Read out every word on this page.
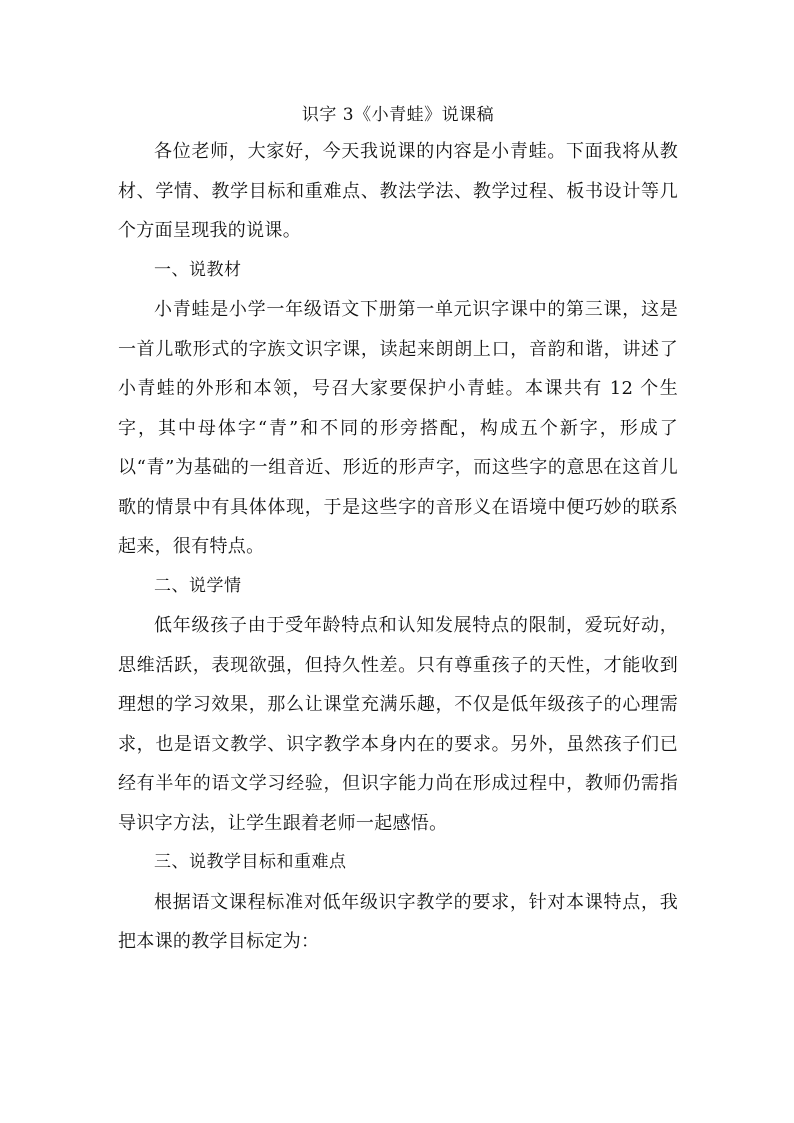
识字 3《小青蛙》说课稿

各位老师，大家好，今天我说课的内容是小青蛙。下面我将从教材、学情、教学目标和重难点、教法学法、教学过程、板书设计等几个方面呈现我的说课。

一、说教材

小青蛙是小学一年级语文下册第一单元识字课中的第三课，这是一首儿歌形式的字族文识字课，读起来朗朗上口，音韵和谐，讲述了小青蛙的外形和本领，号召大家要保护小青蛙。本课共有 12 个生字，其中母体字“青”和不同的形旁搭配，构成五个新字，形成了以“青”为基础的一组音近、形近的形声字，而这些字的意思在这首儿歌的情景中有具体体现，于是这些字的音形义在语境中便巧妙的联系起来，很有特点。

二、说学情

低年级孩子由于受年龄特点和认知发展特点的限制，爱玩好动，思维活跃，表现欲强，但持久性差。只有尊重孩子的天性，才能收到理想的学习效果，那么让课堂充满乐趣，不仅是低年级孩子的心理需求，也是语文教学、识字教学本身内在的要求。另外，虽然孩子们已经有半年的语文学习经验，但识字能力尚在形成过程中，教师仍需指导识字方法，让学生跟着老师一起感悟。

三、说教学目标和重难点

根据语文课程标准对低年级识字教学的要求，针对本课特点，我把本课的教学目标定为：
